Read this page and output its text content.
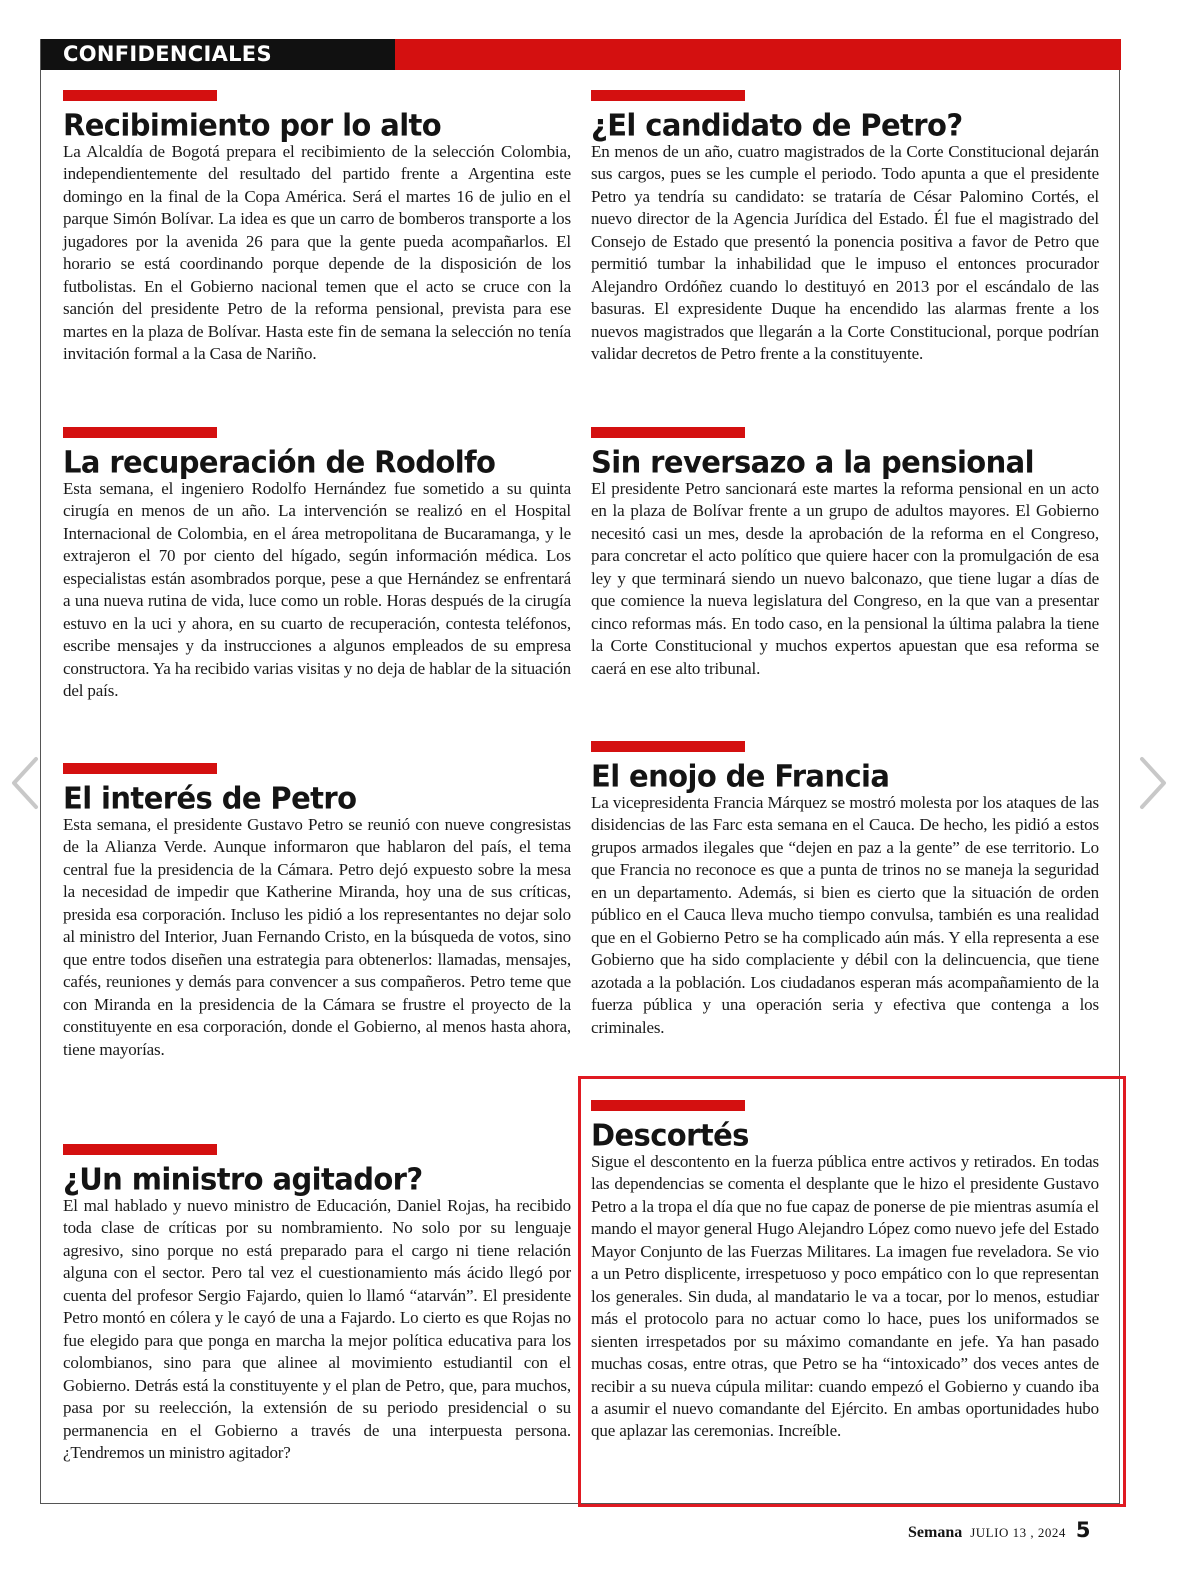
CONFIDENCIALES
Recibimiento por lo alto
La Alcaldía de Bogotá prepara el recibimiento de la selección Colombia, independientemente del resultado del partido frente a Argentina este domingo en la final de la Copa América. Será el martes 16 de julio en el parque Simón Bolívar. La idea es que un carro de bomberos transporte a los jugadores por la avenida 26 para que la gente pueda acompañarlos. El horario se está coordinando porque depende de la disposición de los futbolistas. En el Gobierno nacional temen que el acto se cruce con la sanción del presidente Petro de la reforma pensional, prevista para ese martes en la plaza de Bolívar. Hasta este fin de semana la selección no tenía invitación formal a la Casa de Nariño.
La recuperación de Rodolfo
Esta semana, el ingeniero Rodolfo Hernández fue sometido a su quinta cirugía en menos de un año. La intervención se realizó en el Hospital Internacional de Colombia, en el área metropolitana de Bucaramanga, y le extrajeron el 70 por ciento del hígado, según información médica. Los especialistas están asombrados porque, pese a que Hernández se enfrentará a una nueva rutina de vida, luce como un roble. Horas después de la cirugía estuvo en la uci y ahora, en su cuarto de recuperación, contesta teléfonos, escribe mensajes y da instrucciones a algunos empleados de su empresa constructora. Ya ha recibido varias visitas y no deja de hablar de la situación del país.
El interés de Petro
Esta semana, el presidente Gustavo Petro se reunió con nueve congresistas de la Alianza Verde. Aunque informaron que hablaron del país, el tema central fue la presidencia de la Cámara. Petro dejó expuesto sobre la mesa la necesidad de impedir que Katherine Miranda, hoy una de sus críticas, presida esa corporación. Incluso les pidió a los representantes no dejar solo al ministro del Interior, Juan Fernando Cristo, en la búsqueda de votos, sino que entre todos diseñen una estrategia para obtenerlos: llamadas, mensajes, cafés, reuniones y demás para convencer a sus compañeros. Petro teme que con Miranda en la presidencia de la Cámara se frustre el proyecto de la constituyente en esa corporación, donde el Gobierno, al menos hasta ahora, tiene mayorías.
¿Un ministro agitador?
El mal hablado y nuevo ministro de Educación, Daniel Rojas, ha recibido toda clase de críticas por su nombramiento. No solo por su lenguaje agresivo, sino porque no está preparado para el cargo ni tiene relación alguna con el sector. Pero tal vez el cuestionamiento más ácido llegó por cuenta del profesor Sergio Fajardo, quien lo llamó “atarván”. El presidente Petro montó en cólera y le cayó de una a Fajardo. Lo cierto es que Rojas no fue elegido para que ponga en marcha la mejor política educativa para los colombianos, sino para que alinee al movimiento estudiantil con el Gobierno. Detrás está la constituyente y el plan de Petro, que, para muchos, pasa por su reelección, la extensión de su periodo presidencial o su permanencia en el Gobierno a través de una interpuesta persona. ¿Tendremos un ministro agitador?
¿El candidato de Petro?
En menos de un año, cuatro magistrados de la Corte Constitucional dejarán sus cargos, pues se les cumple el periodo. Todo apunta a que el presidente Petro ya tendría su candidato: se trataría de César Palomino Cortés, el nuevo director de la Agencia Jurídica del Estado. Él fue el magistrado del Consejo de Estado que presentó la ponencia positiva a favor de Petro que permitió tumbar la inhabilidad que le impuso el entonces procurador Alejandro Ordóñez cuando lo destituyó en 2013 por el escándalo de las basuras. El expresidente Duque ha encendido las alarmas frente a los nuevos magistrados que llegarán a la Corte Constitucional, porque podrían validar decretos de Petro frente a la constituyente.
Sin reversazo a la pensional
El presidente Petro sancionará este martes la reforma pensional en un acto en la plaza de Bolívar frente a un grupo de adultos mayores. El Gobierno necesitó casi un mes, desde la aprobación de la reforma en el Congreso, para concretar el acto político que quiere hacer con la promulgación de esa ley y que terminará siendo un nuevo balconazo, que tiene lugar a días de que comience la nueva legislatura del Congreso, en la que van a presentar cinco reformas más. En todo caso, en la pensional la última palabra la tiene la Corte Constitucional y muchos expertos apuestan que esa reforma se caerá en ese alto tribunal.
El enojo de Francia
La vicepresidenta Francia Márquez se mostró molesta por los ataques de las disidencias de las Farc esta semana en el Cauca. De hecho, les pidió a estos grupos armados ilegales que “dejen en paz a la gente” de ese territorio. Lo que Francia no reconoce es que a punta de trinos no se maneja la seguridad en un departamento. Además, si bien es cierto que la situación de orden público en el Cauca lleva mucho tiempo convulsa, también es una realidad que en el Gobierno Petro se ha complicado aún más. Y ella representa a ese Gobierno que ha sido complaciente y débil con la delincuencia, que tiene azotada a la población. Los ciudadanos esperan más acompañamiento de la fuerza pública y una operación seria y efectiva que contenga a los criminales.
Descortés
Sigue el descontento en la fuerza pública entre activos y retirados. En todas las dependencias se comenta el desplante que le hizo el presidente Gustavo Petro a la tropa el día que no fue capaz de ponerse de pie mientras asumía el mando el mayor general Hugo Alejandro López como nuevo jefe del Estado Mayor Conjunto de las Fuerzas Militares. La imagen fue reveladora. Se vio a un Petro displicente, irrespetuoso y poco empático con lo que representan los generales. Sin duda, al mandatario le va a tocar, por lo menos, estudiar más el protocolo para no actuar como lo hace, pues los uniformados se sienten irrespetados por su máximo comandante en jefe. Ya han pasado muchas cosas, entre otras, que Petro se ha “intoxicado” dos veces antes de recibir a su nueva cúpula militar: cuando empezó el Gobierno y cuando iba a asumir el nuevo comandante del Ejército. En ambas oportunidades hubo que aplazar las ceremonias. Increíble.
Semana JULIO 13 , 2024 5
